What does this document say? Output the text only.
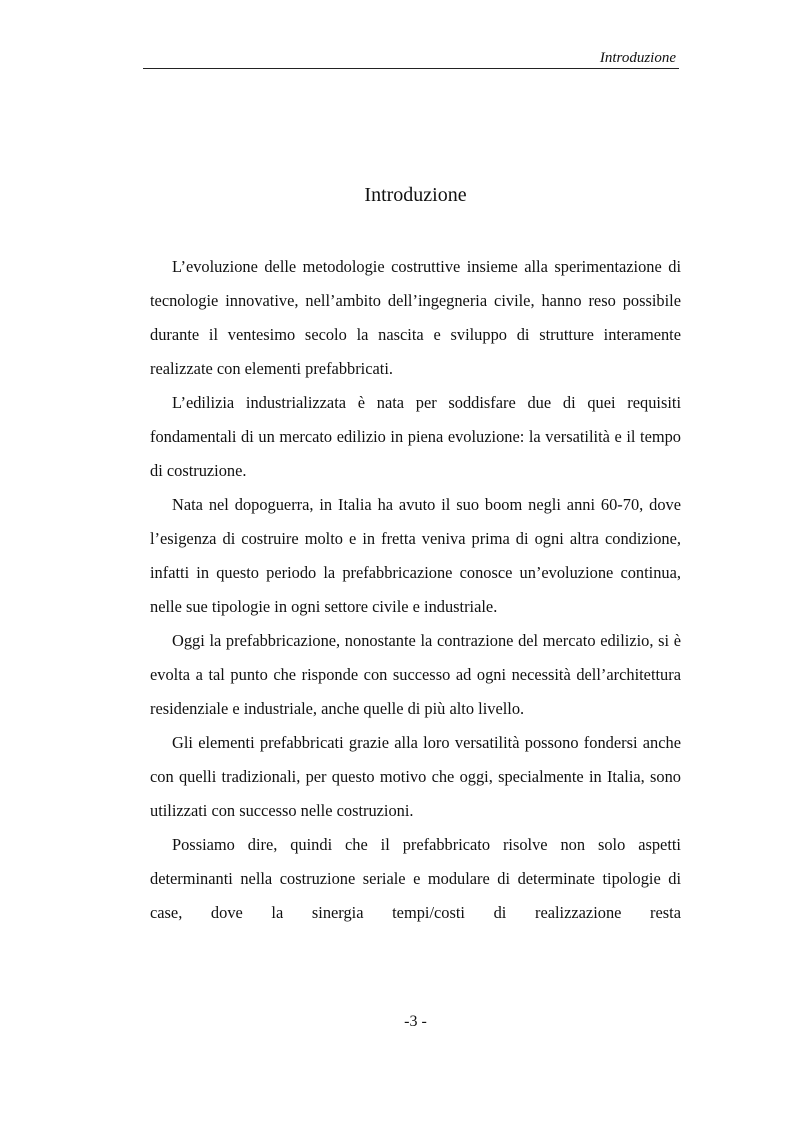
Introduzione
Introduzione

L’evoluzione delle metodologie costruttive insieme alla sperimentazione di tecnologie innovative, nell’ambito dell’ingegneria civile, hanno reso possibile durante il ventesimo secolo la nascita e sviluppo di strutture interamente realizzate con elementi prefabbricati.

L’edilizia industrializzata è nata per soddisfare due di quei requisiti fondamentali di un mercato edilizio in piena evoluzione: la versatilità e il tempo di costruzione.

Nata nel dopoguerra, in Italia ha avuto il suo boom negli anni 60-70, dove l’esigenza di costruire molto e in fretta veniva prima di ogni altra condizione, infatti in questo periodo la prefabbricazione conosce un’evoluzione continua, nelle sue tipologie in ogni settore civile e industriale.

Oggi la prefabbricazione, nonostante la contrazione del mercato edilizio, si è evolta a tal punto che risponde con successo ad ogni necessità dell’architettura residenziale e industriale, anche quelle di più alto livello.

Gli elementi prefabbricati grazie alla loro versatilità possono fondersi anche con quelli tradizionali, per questo motivo che oggi, specialmente in Italia, sono utilizzati con successo nelle costruzioni.

Possiamo dire, quindi che il prefabbricato risolve non solo aspetti determinanti nella costruzione seriale e modulare di determinate tipologie di case, dove la sinergia tempi/costi di realizzazione resta

-3 -
